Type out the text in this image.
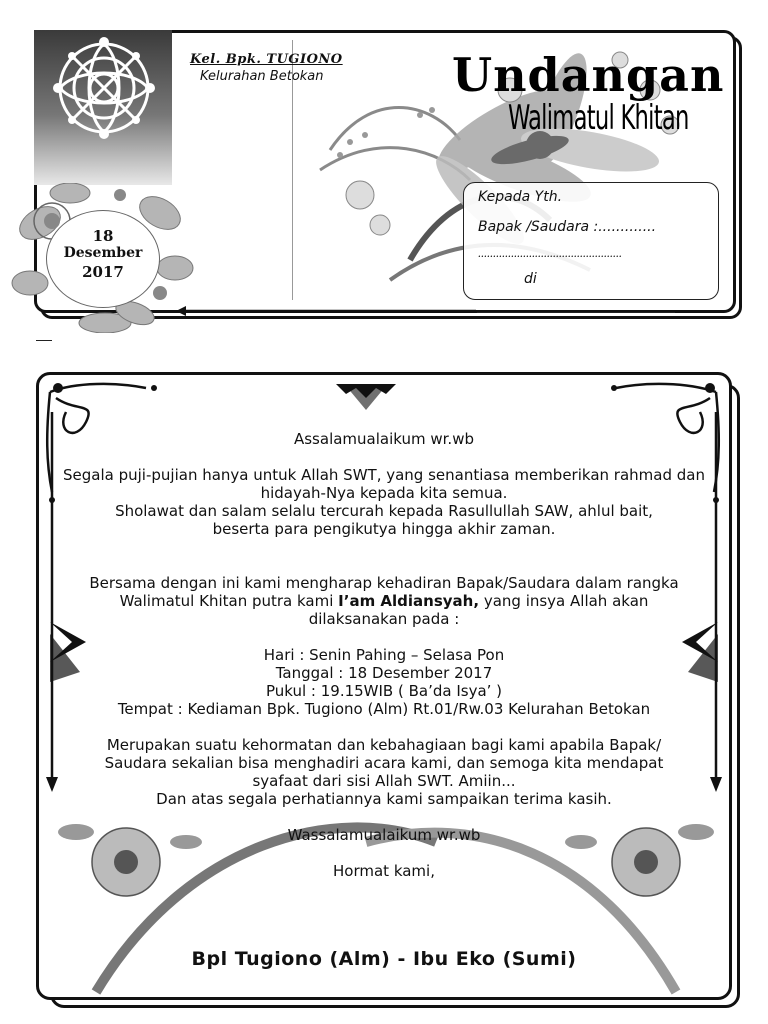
Kel. Bpk. TUGIONO
Kelurahan Betokan	Undangan
Walimatul Khitan
Kepada Yth.
Bapak /Saudara :.............
................................................
di
18
Desember
2017

Assalamualaikum wr.wb

Segala puji-pujian hanya untuk Allah SWT, yang senantiasa memberikan rahmad dan

hidayah-Nya kepada kita semua.

Sholawat dan salam selalu tercurah kepada Rasullullah SAW, ahlul bait,

beserta para pengikutya hingga akhir zaman.

Bersama dengan ini kami mengharap kehadiran Bapak/Saudara dalam rangka

Walimatul Khitan putra kami I’am Aldiansyah, yang insya Allah akan

dilaksanakan pada :

Hari : Senin Pahing – Selasa Pon

Tanggal : 18 Desember 2017

Pukul : 19.15WIB ( Ba’da Isya’ )

Tempat : Kediaman Bpk. Tugiono (Alm) Rt.01/Rw.03 Kelurahan Betokan

Merupakan suatu kehormatan dan kebahagiaan bagi kami apabila Bapak/

Saudara sekalian bisa menghadiri acara kami, dan semoga kita mendapat

syafaat dari sisi Allah SWT. Amiin...

Dan atas segala perhatiannya kami sampaikan terima kasih.

Wassalamualaikum wr.wb

Hormat kami,

Bpl Tugiono (Alm) - Ibu Eko (Sumi)
